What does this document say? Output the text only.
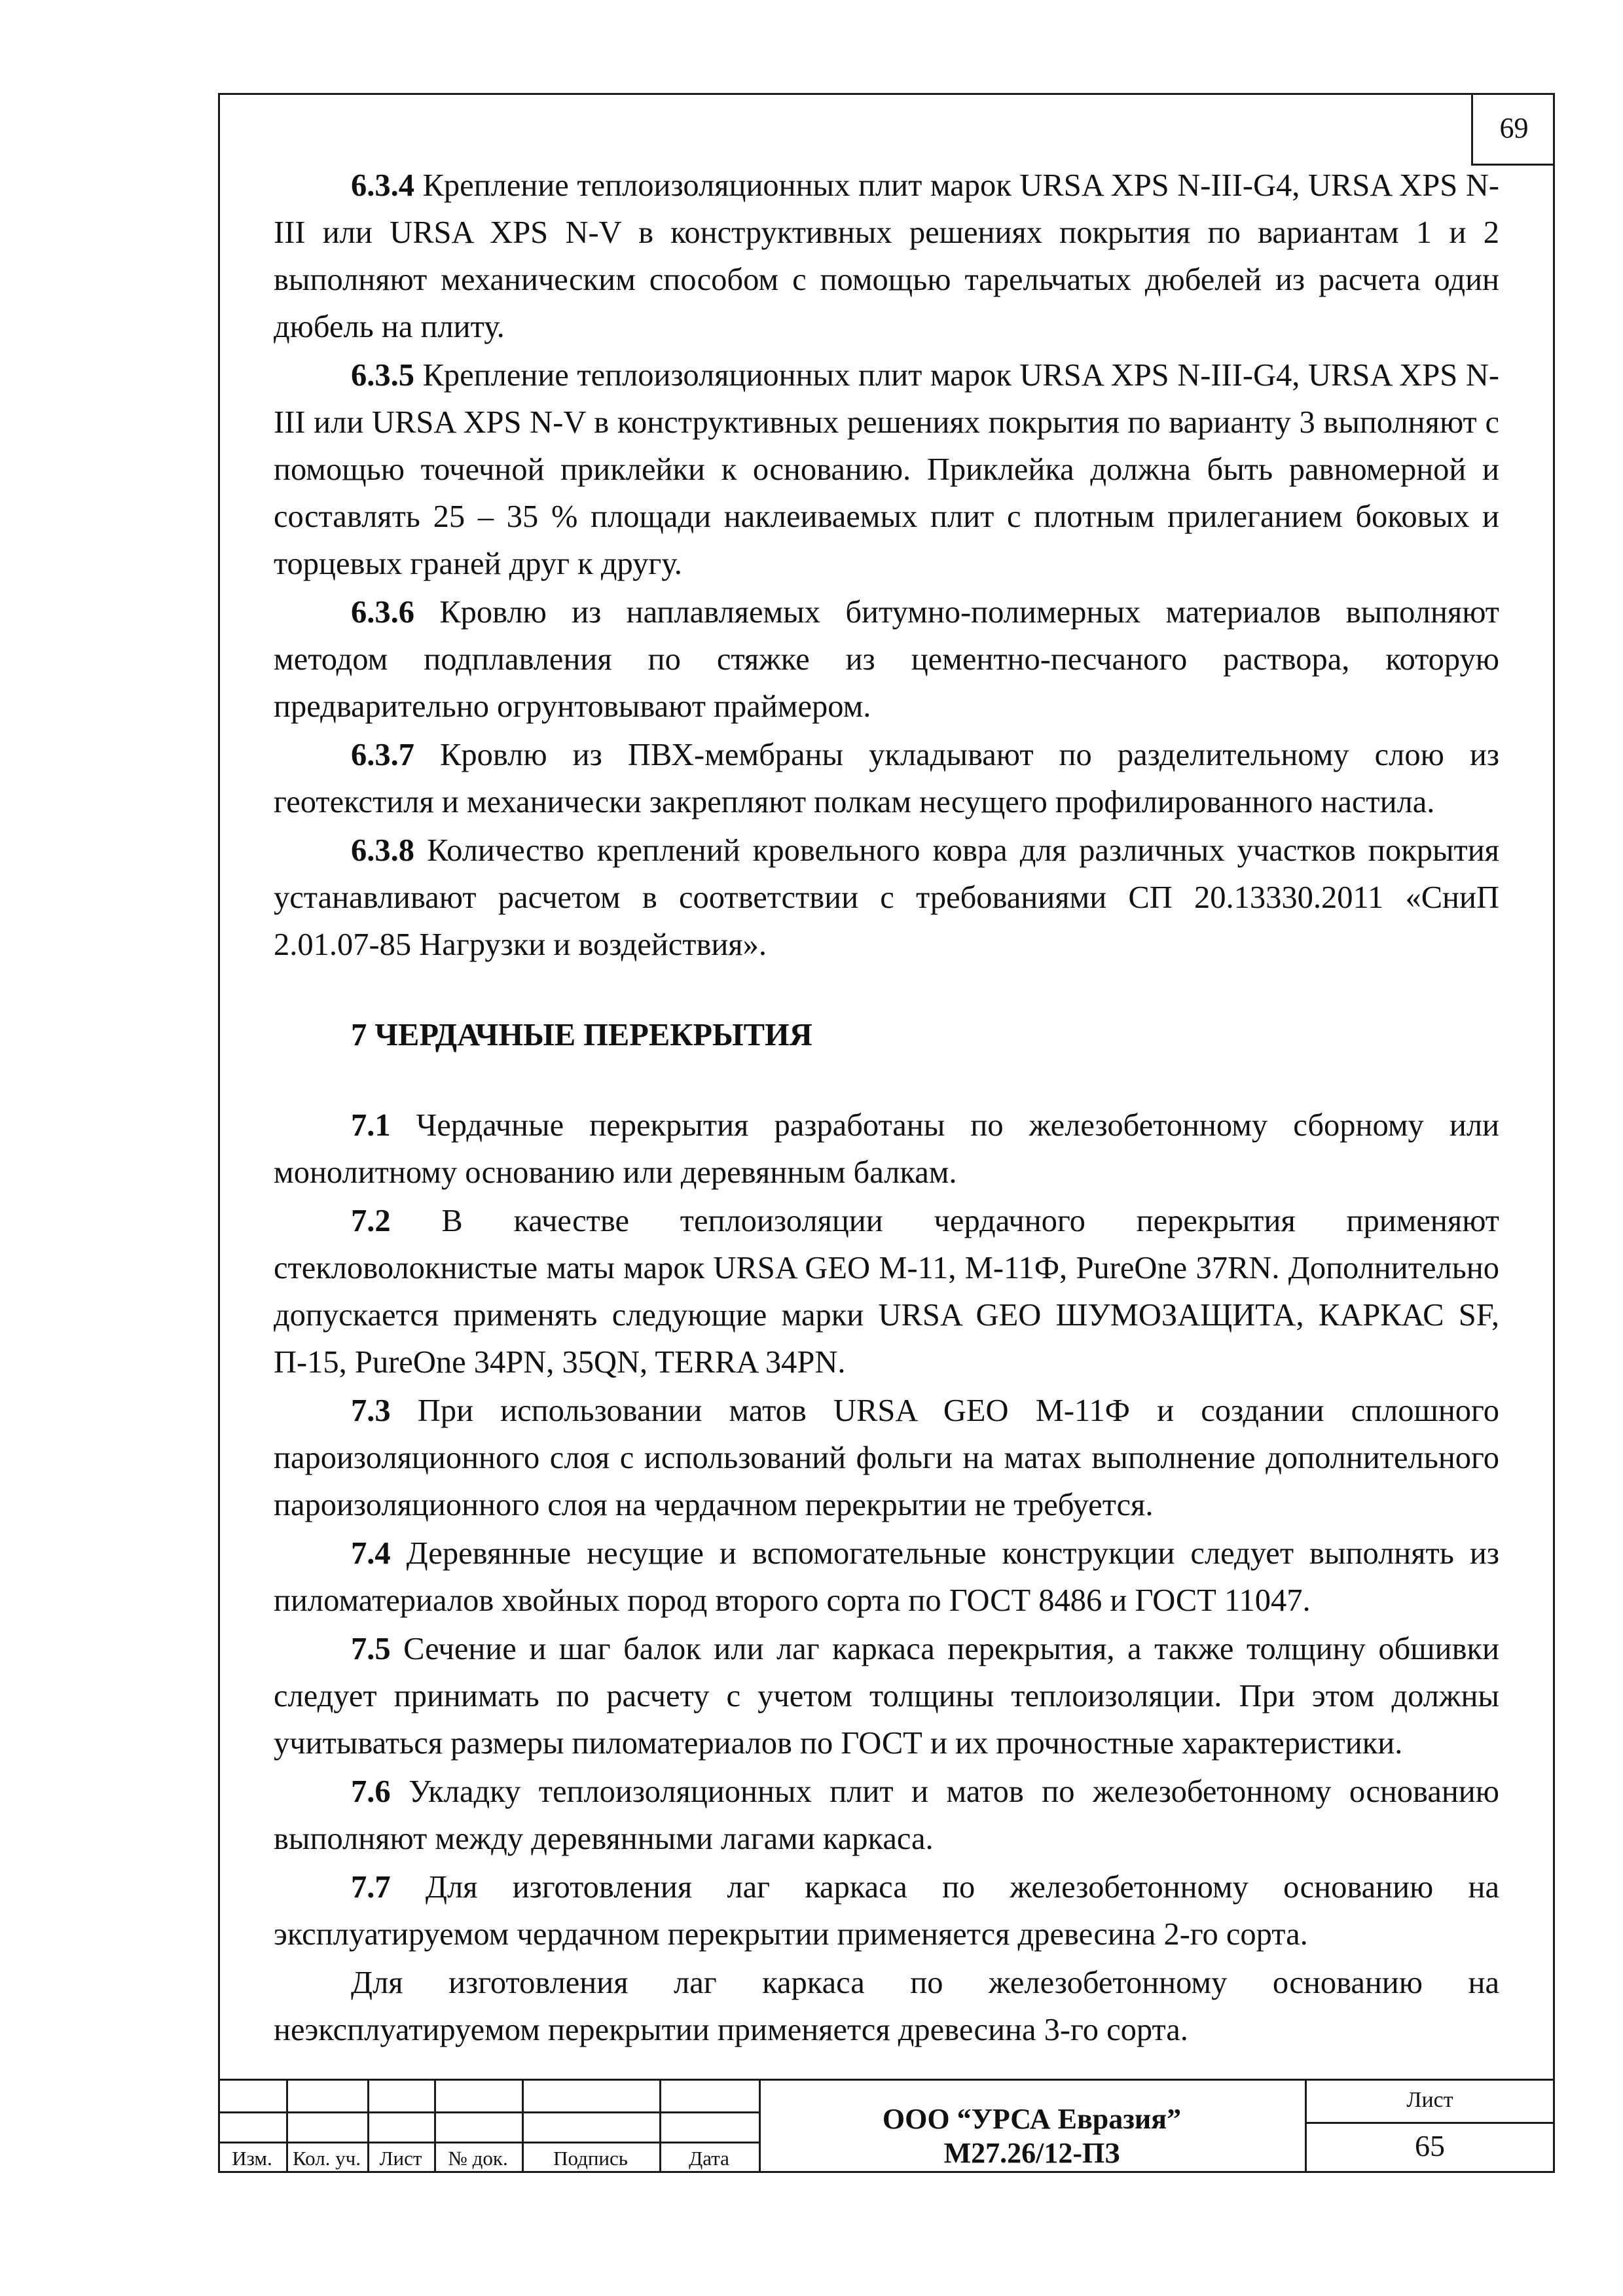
69

6.3.4 Крепление теплоизоляционных плит марок URSA XPS N-III-G4, URSA XPS N-III или URSA XPS N-V в конструктивных решениях покрытия по вариантам 1 и 2 выполняют механическим способом с помощью тарельчатых дюбелей из расчета один дюбель на плиту.

6.3.5 Крепление теплоизоляционных плит марок URSA XPS N-III-G4, URSA XPS N-III или URSA XPS N-V в конструктивных решениях покрытия по варианту 3 выполняют с помощью точечной приклейки к основанию. Приклейка должна быть равномерной и составлять 25 – 35 % площади наклеиваемых плит с плотным прилеганием боковых и торцевых граней друг к другу.

6.3.6 Кровлю из наплавляемых битумно-полимерных материалов выполняют методом подплавления по стяжке из цементно-песчаного раствора, которую предварительно огрунтовывают праймером.

6.3.7 Кровлю из ПВХ-мембраны укладывают по разделительному слою из геотекстиля и механически закрепляют полкам несущего профилированного настила.

6.3.8 Количество креплений кровельного ковра для различных участков покрытия устанавливают расчетом в соответствии с требованиями СП 20.13330.2011 «СниП 2.01.07-85 Нагрузки и воздействия».

7 ЧЕРДАЧНЫЕ ПЕРЕКРЫТИЯ

7.1 Чердачные перекрытия разработаны по железобетонному сборному или монолитному основанию или деревянным балкам.

7.2 В качестве теплоизоляции чердачного перекрытия применяют стекловолокнистые маты марок URSA GEO M-11, М-11Ф, PureOne 37RN. Дополнительно допускается применять следующие марки URSA GEO ШУМОЗАЩИТА, КАРКАС SF, П-15, PureOne 34PN, 35QN, TERRA 34PN.

7.3 При использовании матов URSA GEO M-11Ф и создании сплошного пароизоляционного слоя с использований фольги на матах выполнение дополнительного пароизоляционного слоя на чердачном перекрытии не требуется.

7.4 Деревянные несущие и вспомогательные конструкции следует выполнять из пиломатериалов хвойных пород второго сорта по ГОСТ 8486 и ГОСТ 11047.

7.5 Сечение и шаг балок или лаг каркаса перекрытия, а также толщину обшивки следует принимать по расчету с учетом толщины теплоизоляции. При этом должны учитываться размеры пиломатериалов по ГОСТ и их прочностные характеристики.

7.6 Укладку теплоизоляционных плит и матов по железобетонному основанию выполняют между деревянными лагами каркаса.

7.7 Для изготовления лаг каркаса по железобетонному основанию на эксплуатируемом чердачном перекрытии применяется древесина 2-го сорта.

Для изготовления лаг каркаса по железобетонному основанию на неэксплуатируемом перекрытии применяется древесина 3-го сорта.

Изм.	Кол. уч. Лист	№ док.	Подпись	Дата
ООО “УРСА Евразия”
М27.26/12-ПЗ
Лист
65
